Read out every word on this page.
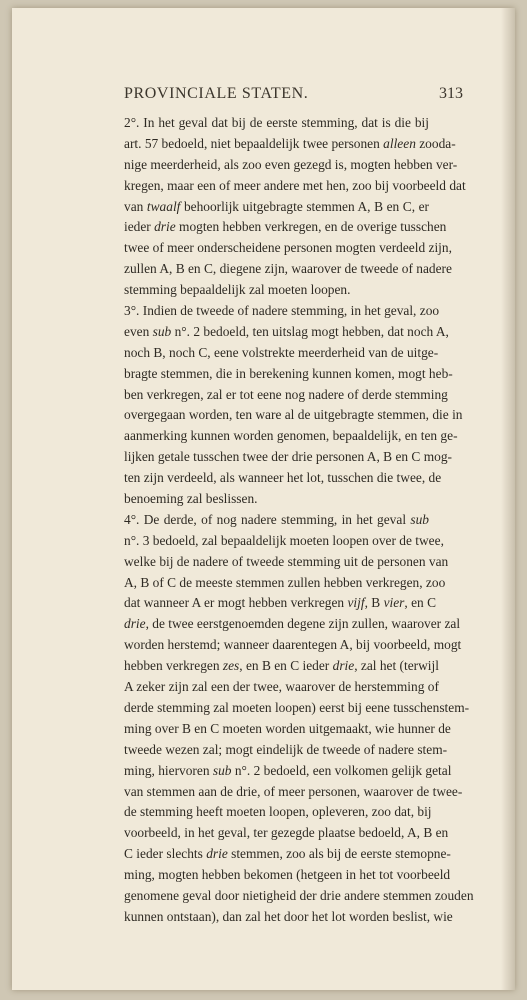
PROVINCIALE STATEN.	313
2°. In het geval dat bij de eerste stemming, dat is die bij
art. 57 bedoeld, niet bepaaldelijk twee personen alleen zooda-
nige meerderheid, als zoo even gezegd is, mogten hebben ver-
kregen, maar een of meer andere met hen, zoo bij voorbeeld dat
van twaalf behoorlijk uitgebragte stemmen A, B en C, er
ieder drie mogten hebben verkregen, en de overige tusschen
twee of meer onderscheidene personen mogten verdeeld zijn,
zullen A, B en C, diegene zijn, waarover de tweede of nadere
stemming bepaaldelijk zal moeten loopen.
3°. Indien de tweede of nadere stemming, in het geval, zoo
even sub n°. 2 bedoeld, ten uitslag mogt hebben, dat noch A,
noch B, noch C, eene volstrekte meerderheid van de uitge-
bragte stemmen, die in berekening kunnen komen, mogt heb-
ben verkregen, zal er tot eene nog nadere of derde stemming
overgegaan worden, ten ware al de uitgebragte stemmen, die in
aanmerking kunnen worden genomen, bepaaldelijk, en ten ge-
lijken getale tusschen twee der drie personen A, B en C mog-
ten zijn verdeeld, als wanneer het lot, tusschen die twee, de
benoeming zal beslissen.
4°. De derde, of nog nadere stemming, in het geval sub
n°. 3 bedoeld, zal bepaaldelijk moeten loopen over de twee,
welke bij de nadere of tweede stemming uit de personen van
A, B of C de meeste stemmen zullen hebben verkregen, zoo
dat wanneer A er mogt hebben verkregen vijf, B vier, en C
drie, de twee eerstgenoemden degene zijn zullen, waarover zal
worden herstemd; wanneer daarentegen A, bij voorbeeld, mogt
hebben verkregen zes, en B en C ieder drie, zal het (terwijl
A zeker zijn zal een der twee, waarover de herstemming of
derde stemming zal moeten loopen) eerst bij eene tusschenstem-
ming over B en C moeten worden uitgemaakt, wie hunner de
tweede wezen zal; mogt eindelijk de tweede of nadere stem-
ming, hiervoren sub n°. 2 bedoeld, een volkomen gelijk getal
van stemmen aan de drie, of meer personen, waarover de twee-
de stemming heeft moeten loopen, opleveren, zoo dat, bij
voorbeeld, in het geval, ter gezegde plaatse bedoeld, A, B en
C ieder slechts drie stemmen, zoo als bij de eerste stemopne-
ming, mogten hebben bekomen (hetgeen in het tot voorbeeld
genomene geval door nietigheid der drie andere stemmen zouden
kunnen ontstaan), dan zal het door het lot worden beslist, wie
